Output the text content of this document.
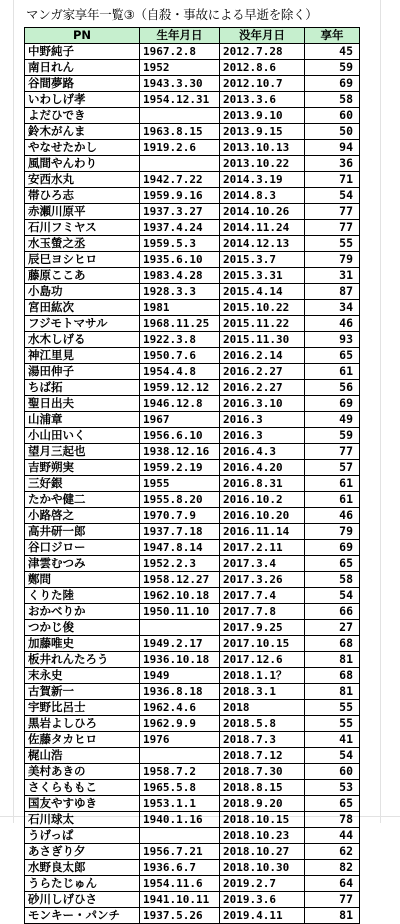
マンガ家享年一覧③（自殺・事故による早逝を除く）
PN	生年月日	没年月日	享年
中野純子	1967.2.8	2012.7.28	45
南日れん	1952	2012.8.6	59
谷間夢路	1943.3.30	2012.10.7	69
いわしげ孝	1954.12.31	2013.3.6	58
よだひでき		2013.9.10	60
鈴木がんま	1963.8.15	2013.9.15	50
やなせたかし	1919.2.6	2013.10.13	94
風間やんわり		2013.10.22	36
安西水丸	1942.7.22	2014.3.19	71
帯ひろ志	1959.9.16	2014.8.3	54
赤瀬川原平	1937.3.27	2014.10.26	77
石川フミヤス	1937.4.24	2014.11.24	77
水玉螢之丞	1959.5.3	2014.12.13	55
辰巳ヨシヒロ	1935.6.10	2015.3.7	79
藤原ここあ	1983.4.28	2015.3.31	31
小島功	1928.3.3	2015.4.14	87
宮田紘次	1981	2015.10.22	34
フジモトマサル	1968.11.25	2015.11.22	46
水木しげる	1922.3.8	2015.11.30	93
神江里見	1950.7.6	2016.2.14	65
湯田伸子	1954.4.8	2016.2.27	61
ちば拓	1959.12.12	2016.2.27	56
聖日出夫	1946.12.8	2016.3.10	69
山浦章	1967	2016.3	49
小山田いく	1956.6.10	2016.3	59
望月三起也	1938.12.16	2016.4.3	77
吉野朔実	1959.2.19	2016.4.20	57
三好銀	1955	2016.8.31	61
たかや健二	1955.8.20	2016.10.2	61
小路啓之	1970.7.9	2016.10.20	46
高井研一郎	1937.7.18	2016.11.14	79
谷口ジロー	1947.8.14	2017.2.11	69
津雲むつみ	1952.2.3	2017.3.4	65
鄭問	1958.12.27	2017.3.26	58
くりた陸	1962.10.18	2017.7.4	54
おかべりか	1950.11.10	2017.7.8	66
つかじ俊		2017.9.25	27
加藤唯史	1949.2.17	2017.10.15	68
板井れんたろう	1936.10.18	2017.12.6	81
末永史	1949	2018.1.1？	68
古賀新一	1936.8.18	2018.3.1	81
宇野比呂士	1962.4.6	2018	55
黒岩よしひろ	1962.9.9	2018.5.8	55
佐藤タカヒロ	1976	2018.7.3	41
梶山浩		2018.7.12	54
美村あきの	1958.7.2	2018.7.30	60
さくらももこ	1965.5.8	2018.8.15	53
国友やすゆき	1953.1.1	2018.9.20	65
石川球太	1940.1.16	2018.10.15	78
うげっぱ		2018.10.23	44
あさぎり夕	1956.7.21	2018.10.27	62
水野良太郎	1936.6.7	2018.10.30	82
うらたじゅん	1954.11.6	2019.2.7	64
砂川しげひさ	1941.10.11	2019.3.6	77
モンキー・パンチ	1937.5.26	2019.4.11	81
